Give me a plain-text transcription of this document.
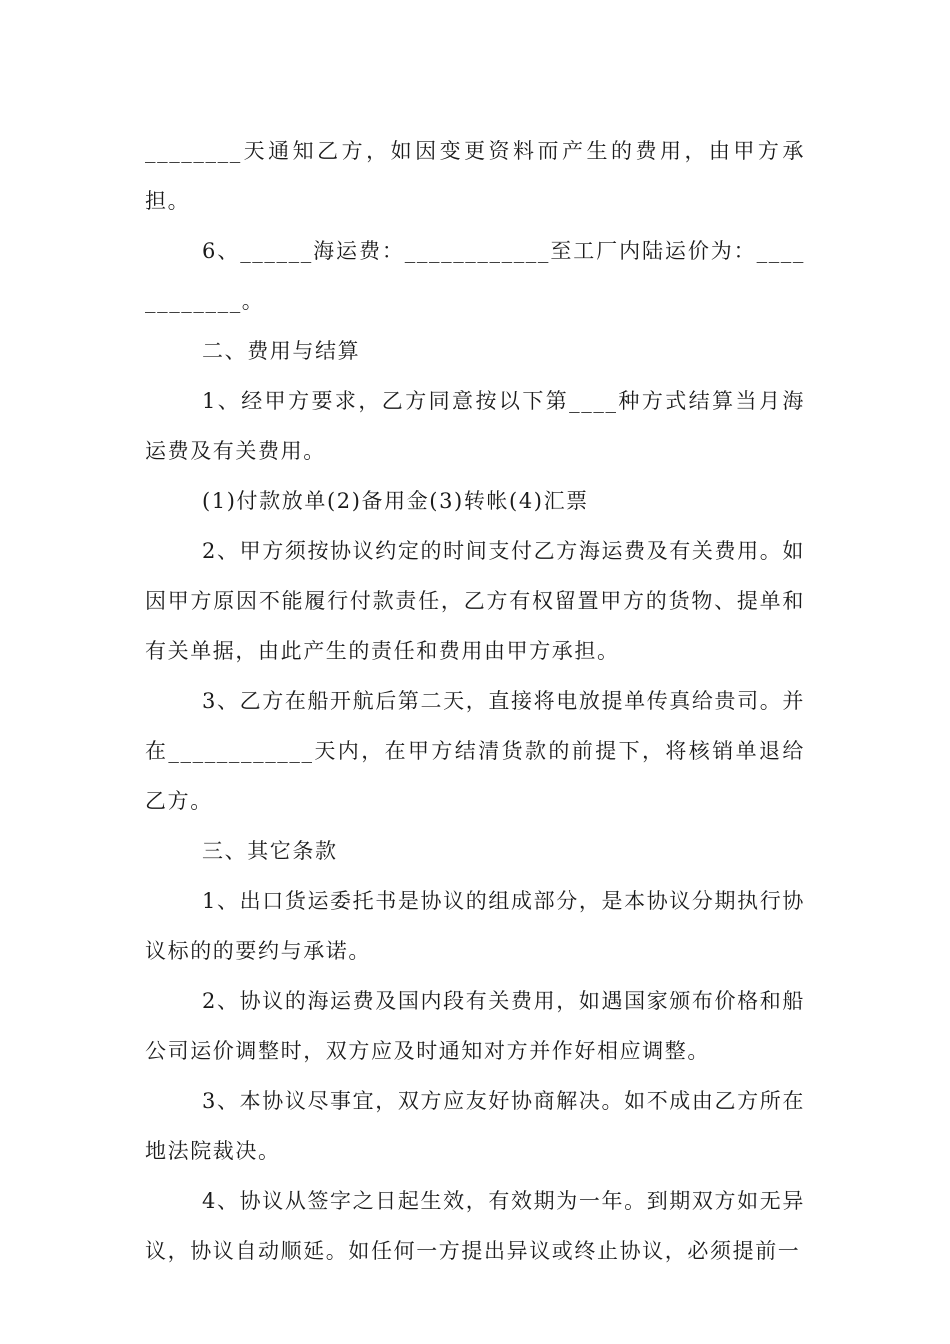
________天通知乙方，如因变更资料而产生的费用，由甲方承担。

6、______海运费：____________至工厂内陆运价为：____________。

二、费用与结算

1、经甲方要求，乙方同意按以下第____种方式结算当月海运费及有关费用。

(1)付款放单(2)备用金(3)转帐(4)汇票

2、甲方须按协议约定的时间支付乙方海运费及有关费用。如因甲方原因不能履行付款责任，乙方有权留置甲方的货物、提单和有关单据，由此产生的责任和费用由甲方承担。

3、乙方在船开航后第二天，直接将电放提单传真给贵司。并在____________天内，在甲方结清货款的前提下，将核销单退给乙方。

三、其它条款

1、出口货运委托书是协议的组成部分，是本协议分期执行协议标的的要约与承诺。

2、协议的海运费及国内段有关费用，如遇国家颁布价格和船公司运价调整时，双方应及时通知对方并作好相应调整。

3、本协议尽事宜，双方应友好协商解决。如不成由乙方所在地法院裁决。

4、协议从签字之日起生效，有效期为一年。到期双方如无异议，协议自动顺延。如任何一方提出异议或终止协议，必须提前一
